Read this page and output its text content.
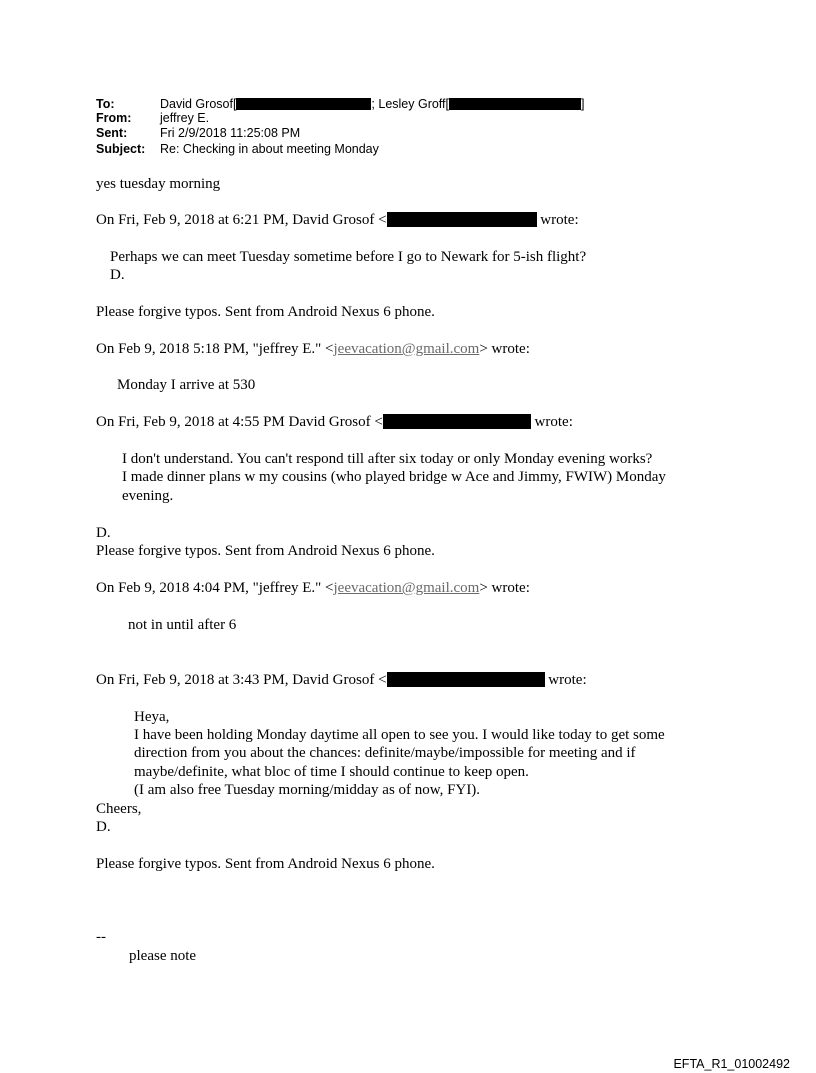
To:	David Grosof[	; Lesley Groff[	]
From: jeffrey E.
Sent:	Fri 2/9/2018 11:25:08 PM
Subject: Re: Checking in about meeting Monday
yes tuesday morning
On Fri, Feb 9, 2018 at 6:21 PM, David Grosof <	wrote:
Perhaps we can meet Tuesday sometime before I go to Newark for 5-ish flight?
D.
Please forgive typos. Sent from Android Nexus 6 phone.
On Feb 9, 2018 5:18 PM, "jeffrey E." <jeevacation@gmail.com> wrote:
Monday I arrive at 530
On Fri, Feb 9, 2018 at 4:55 PM David Grosof <	wrote:
I don't understand. You can't respond till after six today or only Monday evening works?
I made dinner plans w my cousins (who played bridge w Ace and Jimmy, FWIW) Monday
evening.
D.
Please forgive typos. Sent from Android Nexus 6 phone.
On Feb 9, 2018 4:04 PM, "jeffrey E." <jeevacation@gmail.com> wrote:
not in until after 6
On Fri, Feb 9, 2018 at 3:43 PM, David Grosof <	wrote:
Heya,
I have been holding Monday daytime all open to see you. I would like today to get some
direction from you about the chances: definite/maybe/impossible for meeting and if
maybe/definite, what bloc of time I should continue to keep open.
(I am also free Tuesday morning/midday as of now, FYI).
Cheers,
D.
Please forgive typos. Sent from Android Nexus 6 phone.
--
please note
EFTA_R1_01002492
